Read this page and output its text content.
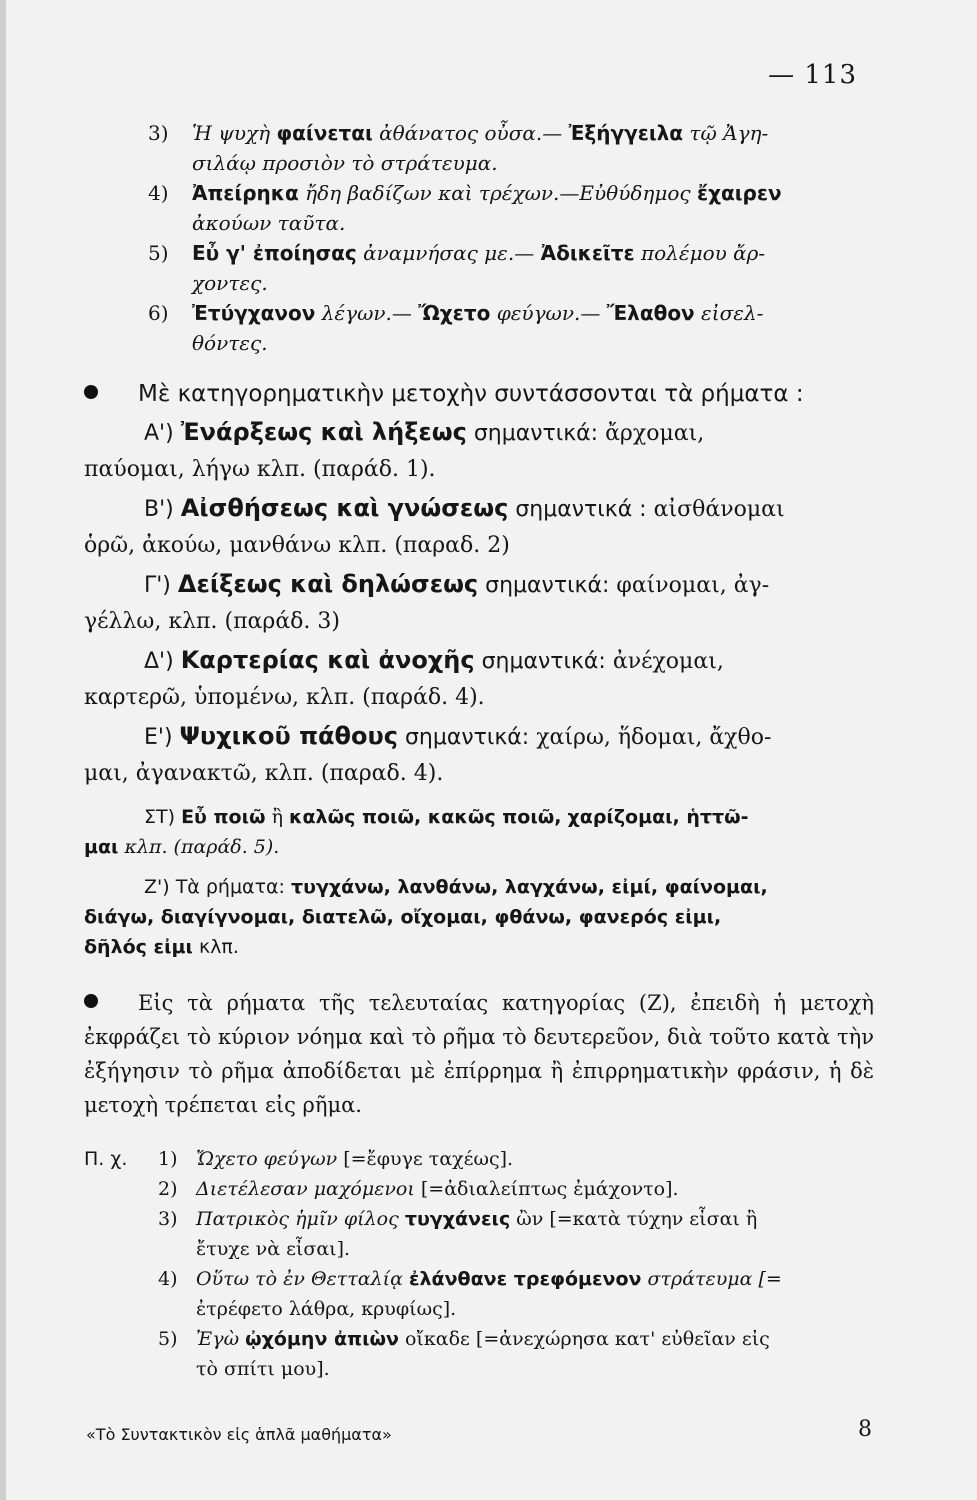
— 113
3)	Ἡ ψυχὴ φαίνεται ἀθάνατος οὖσα.— Ἐξήγγειλα τῷ Ἀγη-
σιλάῳ προσιὸν τὸ στράτευμα.
4)	Ἀπείρηκα ἤδη βαδίζων καὶ τρέχων.—Εὐθύδημος ἔχαιρεν
ἀκούων ταῦτα.
5)	Εὖ γ' ἐποίησας ἀναμνήσας με.— Ἀδικεῖτε πολέμου ἄρ-
χοντες.
6)	Ἐτύγχανον λέγων.— Ὤχετο φεύγων.— Ἔλαθον εἰσελ-
θόντες.
Μὲ κατηγορηματικὴν μετοχὴν συντάσσονται τὰ ρήματα :
Α') Ἐνάρξεως καὶ λήξεως σημαντικά: ἄρχομαι,
παύομαι, λήγω κλπ. (παράδ. 1).
Β') Αἰσθήσεως καὶ γνώσεως σημαντικά : αἰσθάνομαι
ὁρῶ, ἀκούω, μανθάνω κλπ. (παραδ. 2)
Γ') Δείξεως καὶ δηλώσεως σημαντικά: φαίνομαι, ἀγ-
γέλλω, κλπ. (παράδ. 3)
Δ') Καρτερίας καὶ ἀνοχῆς σημαντικά: ἀνέχομαι,
καρτερῶ, ὑπομένω, κλπ. (παράδ. 4).
Ε') Ψυχικοῦ πάθους σημαντικά: χαίρω, ἥδομαι, ἄχθο-
μαι, ἀγανακτῶ, κλπ. (παραδ. 4).
ΣΤ) Εὖ ποιῶ ἢ καλῶς ποιῶ, κακῶς ποιῶ, χαρίζομαι, ἡττῶ-
μαι κλπ. (παράδ. 5).
Ζ') Τὰ ρήματα: τυγχάνω, λανθάνω, λαγχάνω, εἰμί, φαίνομαι,
διάγω, διαγίγνομαι, διατελῶ, οἴχομαι, φθάνω, φανερός εἰμι,
δῆλός εἰμι κλπ.
Εἰς τὰ ρήματα τῆς τελευταίας κατηγορίας (Ζ), ἐπειδὴ ἡ μετοχὴ ἐκφράζει τὸ κύριον νόημα καὶ τὸ ρῆμα τὸ δευτερεῦον, διὰ τοῦτο κατὰ τὴν ἐξήγησιν τὸ ρῆμα ἀποδίδεται μὲ ἐπίρρημα ἢ ἐπιρρηματικὴν φράσιν, ἡ δὲ μετοχὴ τρέπεται εἰς ρῆμα.
Π. χ.	1) Ὤχετο φεύγων [=ἔφυγε ταχέως].
2) Διετέλεσαν μαχόμενοι [=ἀδιαλείπτως ἐμάχοντο].
3) Πατρικὸς ἡμῖν φίλος τυγχάνεις ὢν [=κατὰ τύχην εἶσαι ἢ
ἔτυχε νὰ εἶσαι].
4) Οὕτω τὸ ἐν Θετταλίᾳ ἐλάνθανε τρεφόμενον στράτευμα [=
ἐτρέφετο λάθρα, κρυφίως].
5) Ἐγὼ ᾠχόμην ἀπιὼν οἴκαδε [=ἀνεχώρησα κατ' εὐθεῖαν εἰς
τὸ σπίτι μου].
«Τὸ Συντακτικὸν εἰς ἁπλᾶ μαθήματα»	8
